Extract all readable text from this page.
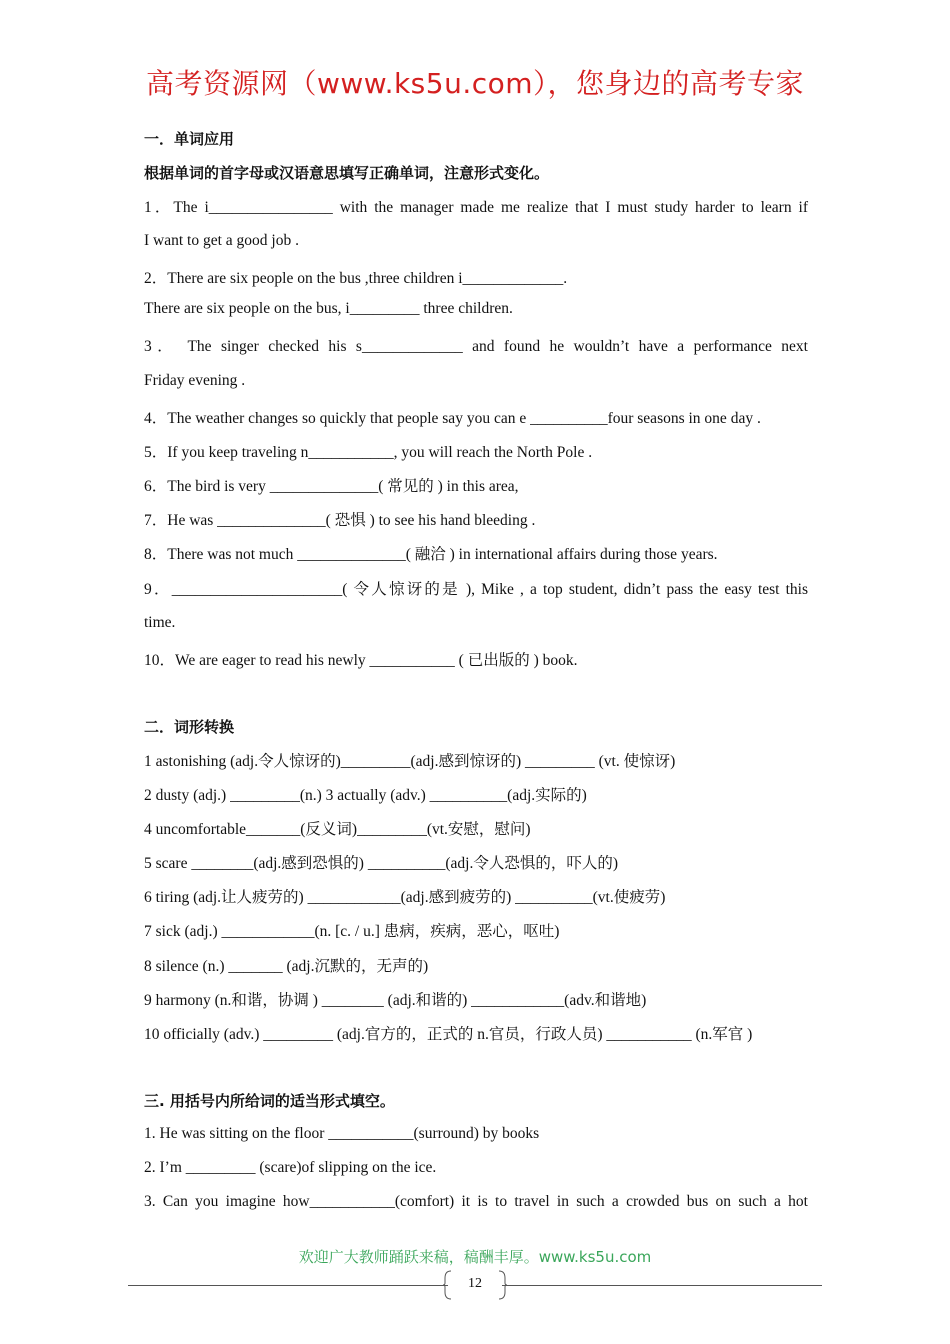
高考资源网（www.ks5u.com），您身边的高考专家
一．单词应用
根据单词的首字母或汉语意思填写正确单词，注意形式变化。
1．The i________________ with the manager made me realize that I must study harder to learn if
I want to get a good job .
2．There are six people on the bus ,three children i_____________.
There are six people on the bus, i_________ three children.
3． The singer checked his s_____________ and found he wouldn’t have a performance next
Friday evening .
4．The weather changes so quickly that people say you can e __________four seasons in one day .
5．If you keep traveling n___________, you will reach the North Pole .
6．The bird is very ______________( 常见的 ) in this area,
7．He was ______________( 恐惧 ) to see his hand bleeding .
8．There was not much ______________( 融洽 ) in international affairs during those years.
9．______________________( 令人惊讶的是 ), Mike , a top student, didn’t pass the easy test this
time.
10．We are eager to read his newly ___________ ( 已出版的 ) book.
二．词形转换
1 astonishing (adj.令人惊讶的)_________(adj.感到惊讶的) _________ (vt. 使惊讶)
2 dusty (adj.) _________(n.) 3 actually (adv.) __________(adj.实际的)
4 uncomfortable_______(反义词)_________(vt.安慰，慰问)
5 scare ________(adj.感到恐惧的) __________(adj.令人恐惧的，吓人的)
6 tiring (adj.让人疲劳的) ____________(adj.感到疲劳的) __________(vt.使疲劳)
7 sick (adj.) ____________(n. [c. / u.] 患病，疾病，恶心，呕吐)
8 silence (n.) _______ (adj.沉默的，无声的)
9 harmony (n.和谐，协调 ) ________ (adj.和谐的) ____________(adv.和谐地)
10 officially (adv.) _________ (adj.官方的，正式的 n.官员，行政人员) ___________ (n.军官 )
三. 用括号内所给词的适当形式填空。
1. He was sitting on the floor ___________(surround) by books
2. I’m _________ (scare)of slipping on the ice.
3. Can you imagine how___________(comfort) it is to travel in such a crowded bus on such a hot
欢迎广大教师踊跃来稿，稿酬丰厚。www.ks5u.com
12
